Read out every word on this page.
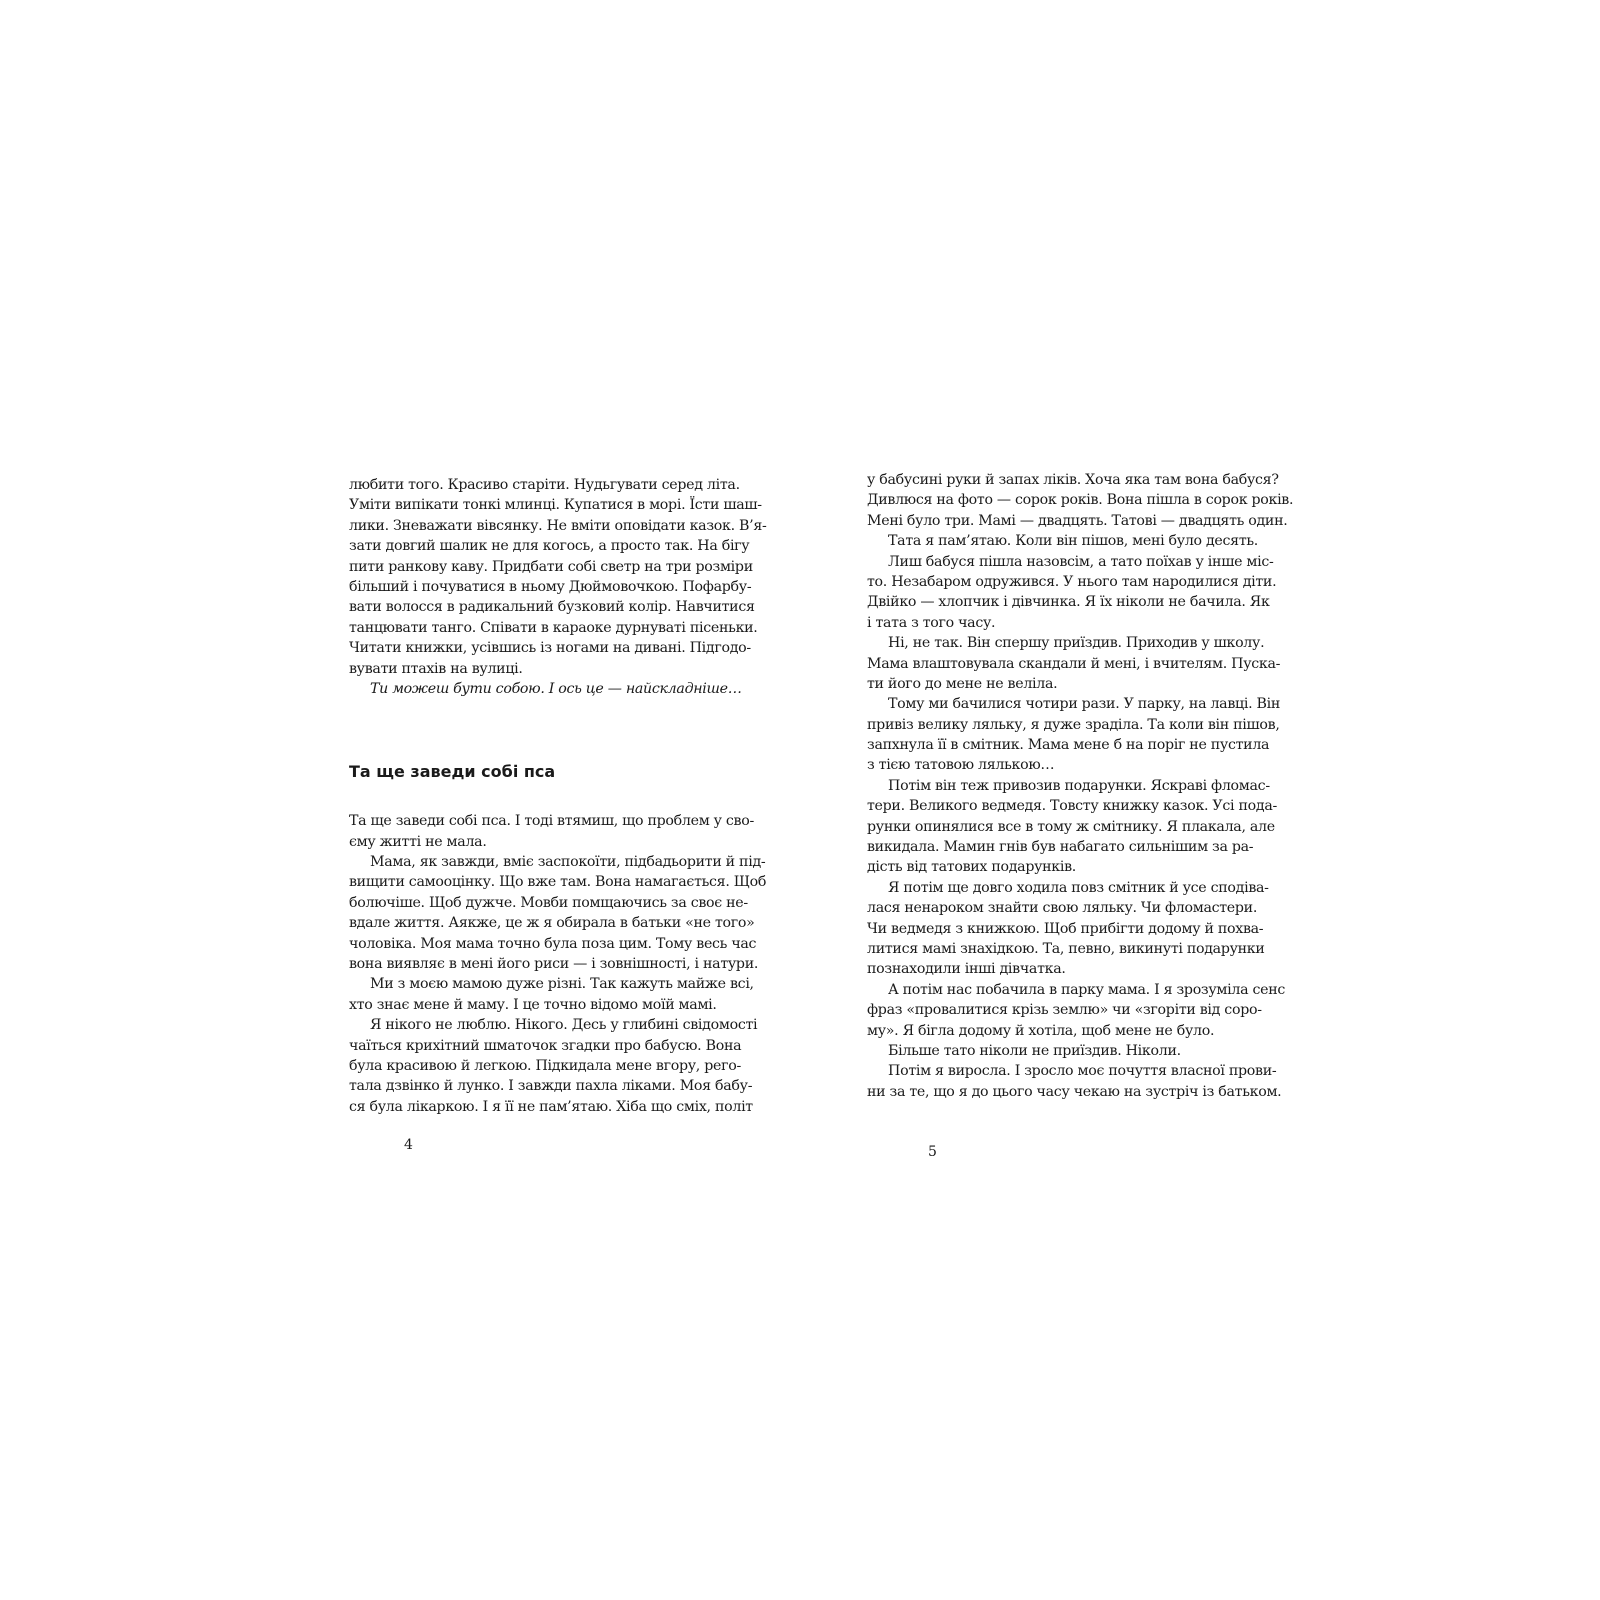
любити того. Красиво старіти. Нудьгувати серед літа.
Уміти випікати тонкі млинці. Купатися в морі. Їсти шаш-
лики. Зневажати вівсянку. Не вміти оповідати казок. В’я-
зати довгий шалик не для когось, а просто так. На бігу
пити ранкову каву. Придбати собі светр на три розміри
більший і почуватися в ньому Дюймовочкою. Пофарбу-
вати волосся в радикальний бузковий колір. Навчитися
танцювати танго. Співати в караоке дурнуваті пісеньки.
Читати книжки, усівшись із ногами на дивані. Підгодо-
вувати птахів на вулиці.
Ти можеш бути собою. І ось це — найскладніше…
Та ще заведи собі пса
Та ще заведи собі пса. І тоді втямиш, що проблем у сво-
єму житті не мала.
Мама, як завжди, вміє заспокоїти, підбадьорити й під-
вищити самооцінку. Що вже там. Вона намагається. Щоб
болючіше. Щоб дужче. Мовби помщаючись за своє не-
вдале життя. Аякже, це ж я обирала в батьки «не того»
чоловіка. Моя мама точно була поза цим. Тому весь час
вона виявляє в мені його риси — і зовнішності, і натури.
Ми з моєю мамою дуже різні. Так кажуть майже всі,
хто знає мене й маму. І це точно відомо моїй мамі.
Я нікого не люблю. Нікого. Десь у глибині свідомості
чаїться крихітний шматочок згадки про бабусю. Вона
була красивою й легкою. Підкидала мене вгору, рего-
тала дзвінко й лунко. І завжди пахла ліками. Моя бабу-
ся була лікаркою. І я її не пам’ятаю. Хіба що сміх, політ
4
у бабусині руки й запах ліків. Хоча яка там вона бабуся?
Дивлюся на фото — сорок років. Вона пішла в сорок років.
Мені було три. Мамі — двадцять. Татові — двадцять один.
Тата я пам’ятаю. Коли він пішов, мені було десять.
Лиш бабуся пішла назовсім, а тато поїхав у інше міс-
то. Незабаром одружився. У нього там народилися діти.
Двійко — хлопчик і дівчинка. Я їх ніколи не бачила. Як
і тата з того часу.
Ні, не так. Він спершу приїздив. Приходив у школу.
Мама влаштовувала скандали й мені, і вчителям. Пуска-
ти його до мене не веліла.
Тому ми бачилися чотири рази. У парку, на лавці. Він
привіз велику ляльку, я дуже зраділа. Та коли він пішов,
запхнула її в смітник. Мама мене б на поріг не пустила
з тією татовою лялькою…
Потім він теж привозив подарунки. Яскраві фломас-
тери. Великого ведмедя. Товсту книжку казок. Усі пода-
рунки опинялися все в тому ж смітнику. Я плакала, але
викидала. Мамин гнів був набагато сильнішим за ра-
дість від татових подарунків.
Я потім ще довго ходила повз смітник й усе сподіва-
лася ненароком знайти свою ляльку. Чи фломастери.
Чи ведмедя з книжкою. Щоб прибігти додому й похва-
литися мамі знахідкою. Та, певно, викинуті подарунки
познаходили інші дівчатка.
А потім нас побачила в парку мама. І я зрозуміла сенс
фраз «провалитися крізь землю» чи «згоріти від соро-
му». Я бігла додому й хотіла, щоб мене не було.
Більше тато ніколи не приїздив. Ніколи.
Потім я виросла. І зросло моє почуття власної прови-
ни за те, що я до цього часу чекаю на зустріч із батьком.
5
